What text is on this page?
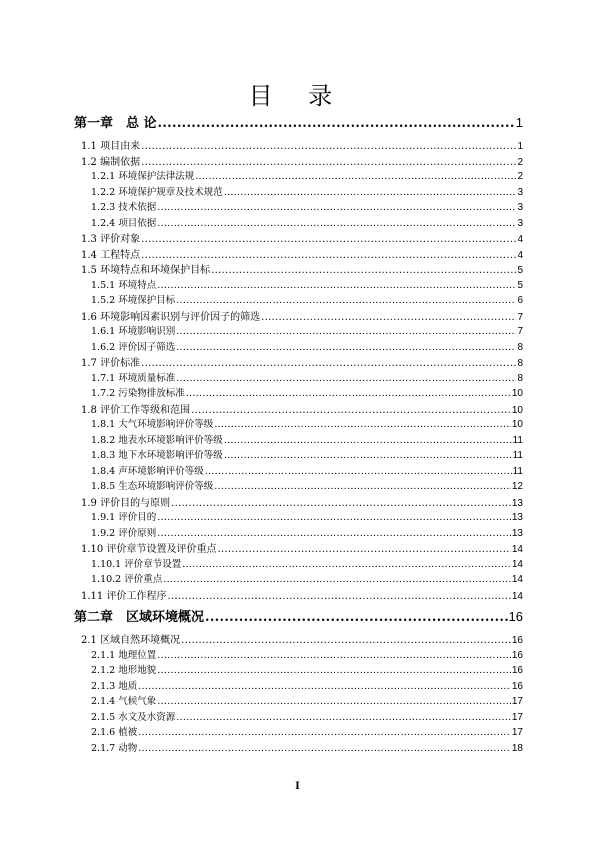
目 录
第一章　总 论 .....	1
1.1 项目由来 .....	1
1.2 编制依据 .....	2
1.2.1 环境保护法律法规 .....	2
1.2.2 环境保护规章及技术规范 .....	3
1.2.3 技术依据 .....	3
1.2.4 项目依据 .....	3
1.3 评价对象 .....	4
1.4 工程特点 .....	4
1.5 环境特点和环境保护目标 .....	5
1.5.1 环境特点 .....	5
1.5.2 环境保护目标 .....	6
1.6 环境影响因素识别与评价因子的筛选 .....	7
1.6.1 环境影响识别 .....	7
1.6.2 评价因子筛选 .....	8
1.7 评价标准 .....	8
1.7.1 环境质量标准 .....	8
1.7.2 污染物排放标准 .....	10
1.8 评价工作等级和范围 .....	10
1.8.1 大气环境影响评价等级 .....	10
1.8.2 地表水环境影响评价等级 .....	11
1.8.3 地下水环境影响评价等级 .....	11
1.8.4 声环境影响评价等级 .....	11
1.8.5 生态环境影响评价等级 .....	12
1.9 评价目的与原则 .....	13
1.9.1 评价目的 .....	13
1.9.2 评价原则 .....	13
1.10 评价章节设置及评价重点 .....	14
1.10.1 评价章节设置 .....	14
1.10.2 评价重点 .....	14
1.11 评价工作程序 .....	14
第二章　区域环境概况 .....	16
2.1 区域自然环境概况 .....	16
2.1.1 地理位置 .....	16
2.1.2 地形地貌 .....	16
2.1.3 地质 .....	16
2.1.4 气候气象 .....	17
2.1.5 水文及水资源 .....	17
2.1.6 植被 .....	17
2.1.7 动物 .....	18
I
